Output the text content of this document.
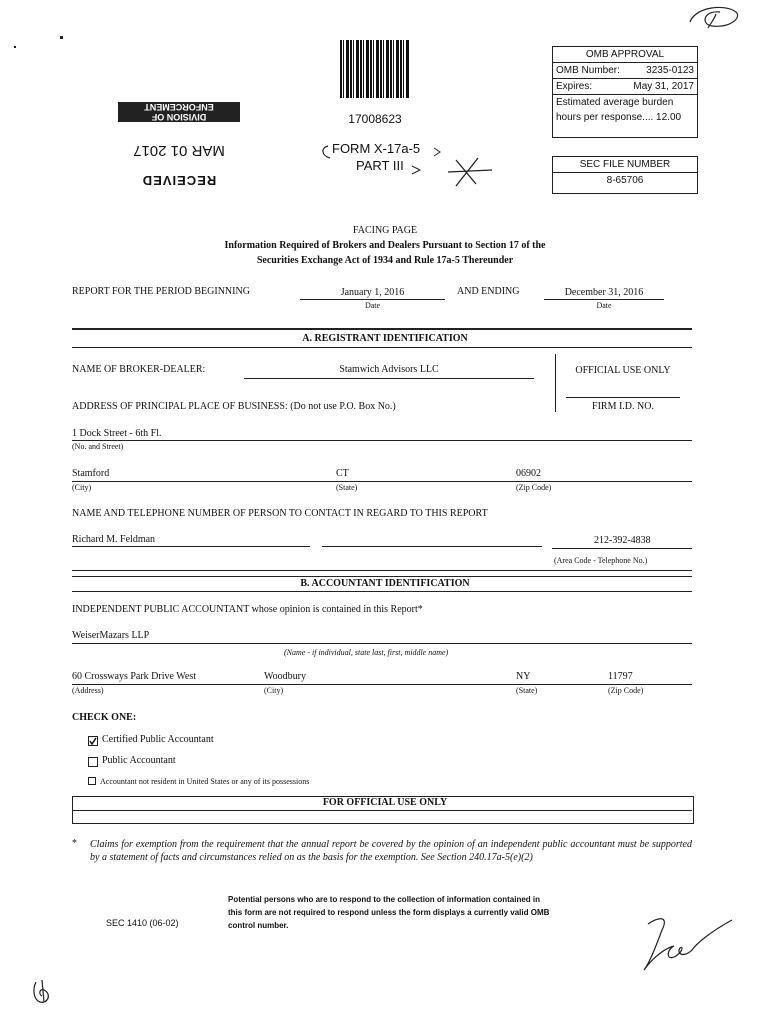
17008623
RECEIVED
MAR 01 2017
DIVISION OF ENFORCEMENT
FORM X-17a-5
PART III
OMB APPROVAL
OMB Number:	3235-0123
Expires:	May 31, 2017
Estimated average burden
hours per response.... 12.00
SEC FILE NUMBER
8-65706
FACING PAGE
Information Required of Brokers and Dealers Pursuant to Section 17 of the
Securities Exchange Act of 1934 and Rule 17a-5 Thereunder
REPORT FOR THE PERIOD BEGINNING	January 1, 2016
Date
AND ENDING	December 31, 2016
Date
A. REGISTRANT IDENTIFICATION
NAME OF BROKER-DEALER:	Stamwich Advisors LLC	OFFICIAL USE ONLY
FIRM I.D. NO.
ADDRESS OF PRINCIPAL PLACE OF BUSINESS: (Do not use P.O. Box No.)
1 Dock Street - 6th Fl.
(No. and Street)
Stamford	CT	06902
(City)	(State)	(Zip Code)
NAME AND TELEPHONE NUMBER OF PERSON TO CONTACT IN REGARD TO THIS REPORT
Richard M. Feldman	212-392-4838
(Area Code - Telephone No.)
B. ACCOUNTANT IDENTIFICATION
INDEPENDENT PUBLIC ACCOUNTANT whose opinion is contained in this Report*
WeiserMazars LLP
(Name - if individual, state last, first, middle name)
60 Crossways Park Drive West	Woodbury	NY	11797
(Address)	(City)	(State)	(Zip Code)
CHECK ONE:
Certified Public Accountant
Public Accountant
Accountant not resident in United States or any of its possessions
FOR OFFICIAL USE ONLY
* Claims for exemption from the requirement that the annual report be covered by the opinion of an independent public accountant must be supported by a statement of facts and circumstances relied on as the basis for the exemption. See Section 240.17a-5(e)(2)
SEC 1410 (06-02)
Potential persons who are to respond to the collection of information contained in this form are not required to respond unless the form displays a currently valid OMB control number.
